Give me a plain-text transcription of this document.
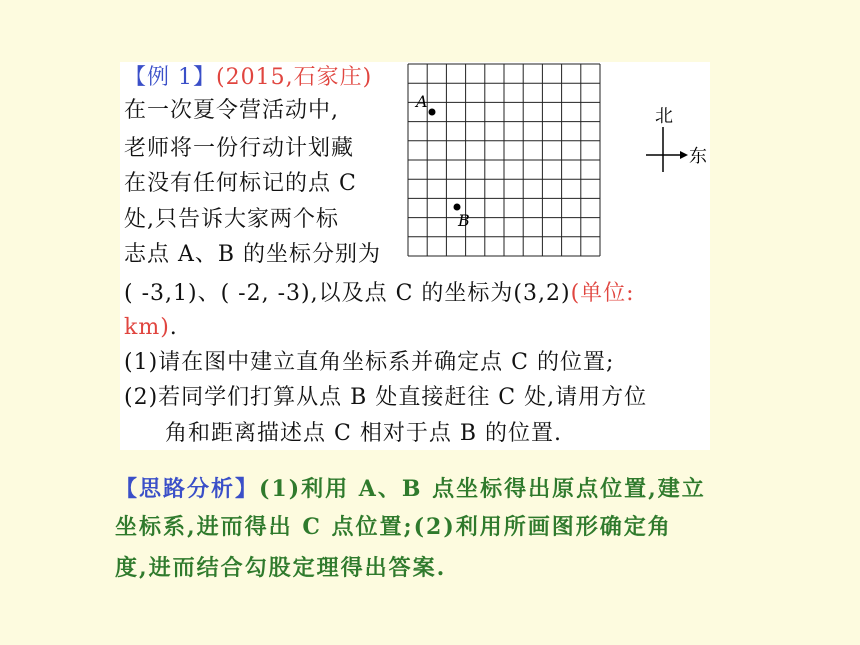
【例 1】(2015,石家庄)
在一次夏令营活动中,
老师将一份行动计划藏
在没有任何标记的点 C
处,只告诉大家两个标
志点 A、B 的坐标分别为
( -3,1)、( -2, -3),以及点 C 的坐标为(3,2)(单位:
km).
(1)请在图中建立直角坐标系并确定点 C 的位置;
(2)若同学们打算从点 B 处直接赶往 C 处,请用方位
角和距离描述点 C 相对于点 B 的位置.
A
B
北
东
【思路分析】(1)利用 A、B 点坐标得出原点位置,建立
坐标系,进而得出 C 点位置;(2)利用所画图形确定角
度,进而结合勾股定理得出答案.
